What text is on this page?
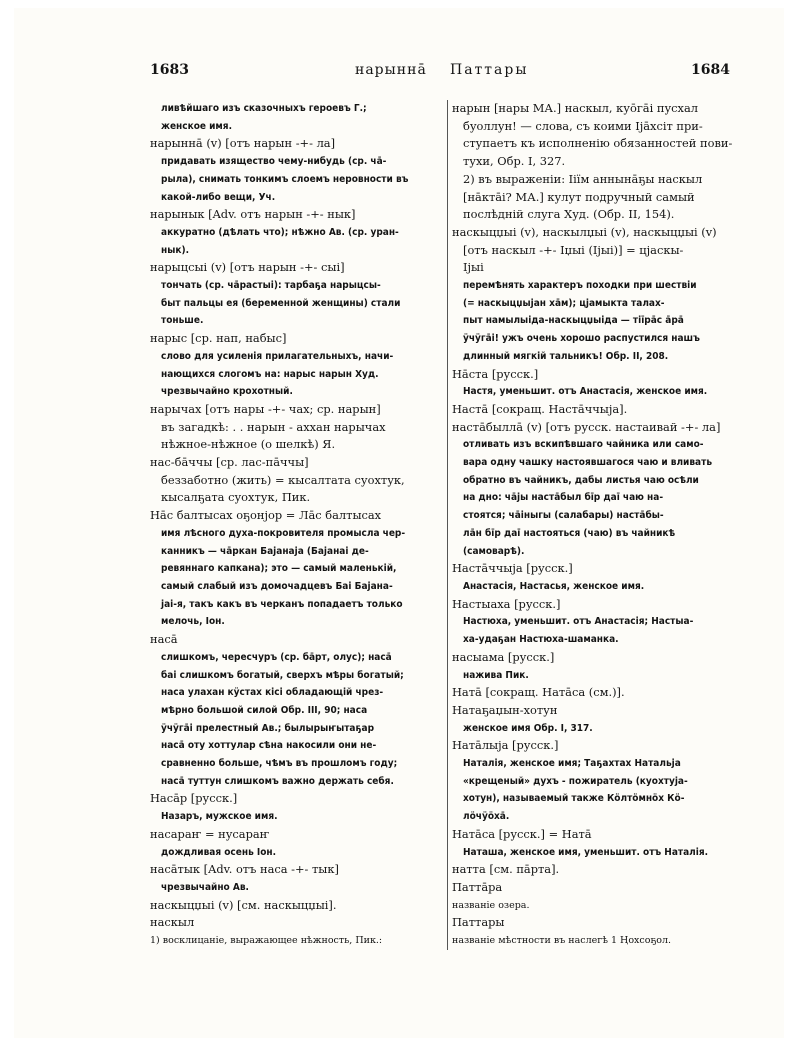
1683	нарынна̄ Паттары	1684
ливѣйшаго изъ сказочныхъ героевъ Г.;
женское имя.
нарынна̄ (v) [отъ нарын -+- ла]
придавать изящество чему-нибудь (ср. ча̄-
рыла), снимать тонкимъ слоемъ неровности въ
какой-либо вещи, Уч.
нарынык [Adv. отъ нарын -+- нык]
аккуратно (дѣлать что); нѣжно Ав. (ср. уран-
нык).
нарыцсыі (v) [отъ нарын -+- сыі]
тончать (ср. ча̄растыі): тарбаҕа нарыцсы-
быт пальцы ея (беременной женщины) стали
тоньше.
нарыс [ср. нап, набыс]
слово для усиленія прилагательныхъ, начи-
нающихся слогомъ на: нарыс нарын Худ.
чрезвычайно крохотный.
нарычах [отъ нары -+- чах; ср. нарын]
въ загадкѣ: . . нарын - аххан нарычах
нѣжное-нѣжное (о шелкѣ) Я.
нас-ба̄ччы [ср. лас-па̄ччы]
беззаботно (жить) = кысалтата суохтук,
кысалҕата суохтук, Пик.
На̄с балтысах оҕонјор = Ла̄с балтысах
имя лѣсного духа-покровителя промысла чер-
канникъ — ча̄ркан Бајанаја (Бајанаі де-
ревяннаго капкана); это — самый маленькій,
самый слабый изъ домочадцевъ Баі Бајана-
јаі-я, такъ какъ въ черканъ попадаетъ только
мелочь, Іон.
наса̄
слишкомъ, чересчуръ (ср. ба̄рт, олус); наса̄
баі слишкомъ богатый, сверхъ мѣры богатый;
наса улахан кӱстах кісі обладающій чрез-
мѣрно большой силой Обр. III, 90; наса
ӱчӱга̄і прелестный Ав.; былырыҥытаҕар
наса̄ оту хоттулар сѣна накосили они не-
сравненно больше, чѣмъ въ прошломъ году;
наса̄ туттун слишкомъ важно держать себя.
Наса̄р [русск.]
Назаръ, мужское имя.
насараҥ = нусараҥ
дождливая осень Іон.
наса̄тык [Adv. отъ наса -+- тык]
чрезвычайно Ав.
наскыцџыі (v) [см. наскыцџыі].
наскыл
1) восклицаніе, выражающее нѣжность, Пик.:
нарын [нары МА.] наскыл, куо̄га̄і пусхал
буоллун! — слова, съ коими Іја̄хсіт при-
ступаетъ къ исполненію обязанностей пови-
тухи, Обр. I, 327.
2) въ выраженіи: Ііїм аннына̄ҕы наскыл
[на̄кта̄і? МА.] кулут подручный самый
послѣдній слуга Худ. (Обр. II, 154).
наскыцџыі (v), наскылџыі (v), наскыцџыі (v)
[отъ наскыл -+- Іџыі (Іјыі)] = цјаскы-
Іјыі
перемѣнять характеръ походки при шествіи
(= наскыцџыјан ха̄м); цјамыкта талах-
пыт намылыіда-наскыцџыіда — тіі̄ра̄с а̄ра̄
ӱчӱга̄і! ужъ очень хорошо распустился нашъ
длинный мягкій тальникъ! Обр. II, 208.
На̄ста [русск.]
Настя, уменьшит. отъ Анастасія, женское имя.
Наста̄ [сокращ. Наста̄ччыја].
наста̄былла̄ (v) [отъ русск. настаивай -+- ла]
отливать изъ вскипѣвшаго чайника или само-
вара одну чашку настоявшагося чаю и вливать
обратно въ чайникъ, дабы листья чаю осѣли
на дно: ча̄јы наста̄был бі̄р даі̄ чаю на-
стоятся; ча̄іныгы (салабары) наста̄бы-
ла̄н бі̄р даі̄ настояться (чаю) въ чайникѣ
(самоварѣ).
Наста̄ччыја [русск.]
Анастасія, Настасья, женское имя.
Настыаха [русск.]
Настюха, уменьшит. отъ Анастасія; Настыа-
ха-удаҕан Настюха-шаманка.
насыама [русск.]
нажива Пик.
Ната̄ [сокращ. Ната̄са (см.)].
Натаҕаџын-хотун
женское имя Обр. I, 317.
Ната̄лыја [русск.]
Наталія, женское имя; Таҕахтах Натальја
«крещеный» духъ - пожиратель (куохтуја-
хотун), называемый также Кӧлтӧмнӧх Кӧ-
лӧчӱӧха̄.
Ната̄са [русск.] = Ната̄
Наташа, женское имя, уменьшит. отъ Наталія.
натта [см. па̄рта].
Патта̄ра
названіе озера.
Паттары
названіе мѣстности въ наслегѣ 1 Ңохсоҕол.
